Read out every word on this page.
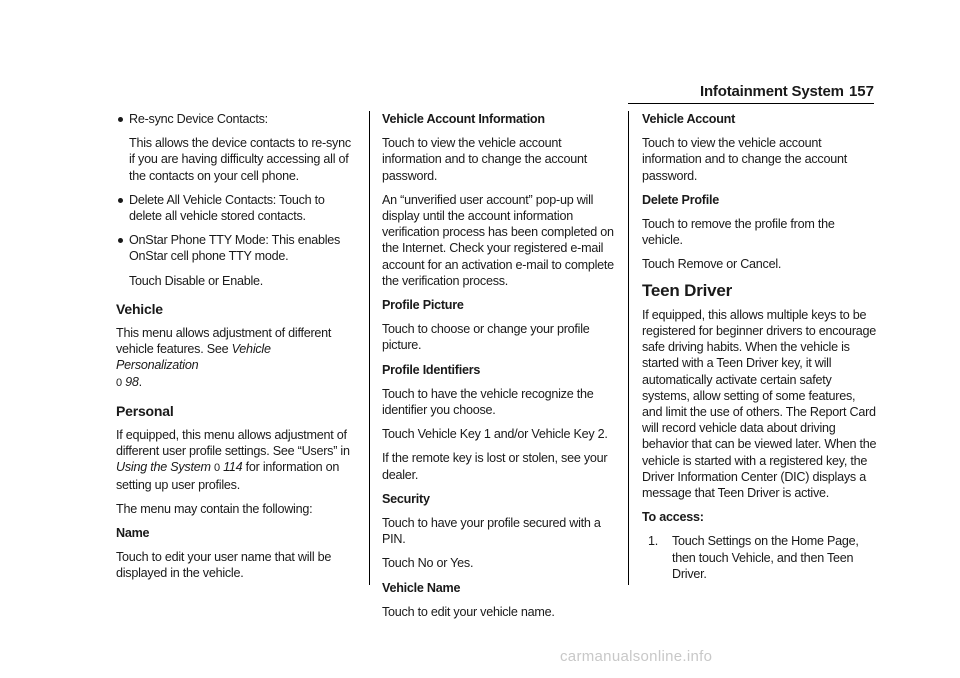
Infotainment System 157
Re-sync Device Contacts:

This allows the device contacts to re-sync if you are having difficulty accessing all of the contacts on your cell phone.

Delete All Vehicle Contacts: Touch to delete all vehicle stored contacts.
OnStar Phone TTY Mode: This enables OnStar cell phone TTY mode.

Touch Disable or Enable.

Vehicle

This menu allows adjustment of different vehicle features. See Vehicle Personalization
0 98.

Personal

If equipped, this menu allows adjustment of different user profile settings. See “Users” in Using the System 0 114 for information on setting up user profiles.

The menu may contain the following:

Name

Touch to edit your user name that will be displayed in the vehicle.

Vehicle Account Information

Touch to view the vehicle account information and to change the account password.

An “unverified user account” pop-up will display until the account information verification process has been completed on the Internet. Check your registered e-mail account for an activation e-mail to complete the verification process.

Profile Picture

Touch to choose or change your profile picture.

Profile Identifiers

Touch to have the vehicle recognize the identifier you choose.

Touch Vehicle Key 1 and/or Vehicle Key 2.

If the remote key is lost or stolen, see your dealer.

Security

Touch to have your profile secured with a PIN.

Touch No or Yes.

Vehicle Name

Touch to edit your vehicle name.

Vehicle Account

Touch to view the vehicle account information and to change the account password.

Delete Profile

Touch to remove the profile from the vehicle.

Touch Remove or Cancel.

Teen Driver

If equipped, this allows multiple keys to be registered for beginner drivers to encourage safe driving habits. When the vehicle is started with a Teen Driver key, it will automatically activate certain safety systems, allow setting of some features, and limit the use of others. The Report Card will record vehicle data about driving behavior that can be viewed later. When the vehicle is started with a registered key, the Driver Information Center (DIC) displays a message that Teen Driver is active.

To access:

1. Touch Settings on the Home Page, then touch Vehicle, and then Teen Driver.

carmanualsonline.info
